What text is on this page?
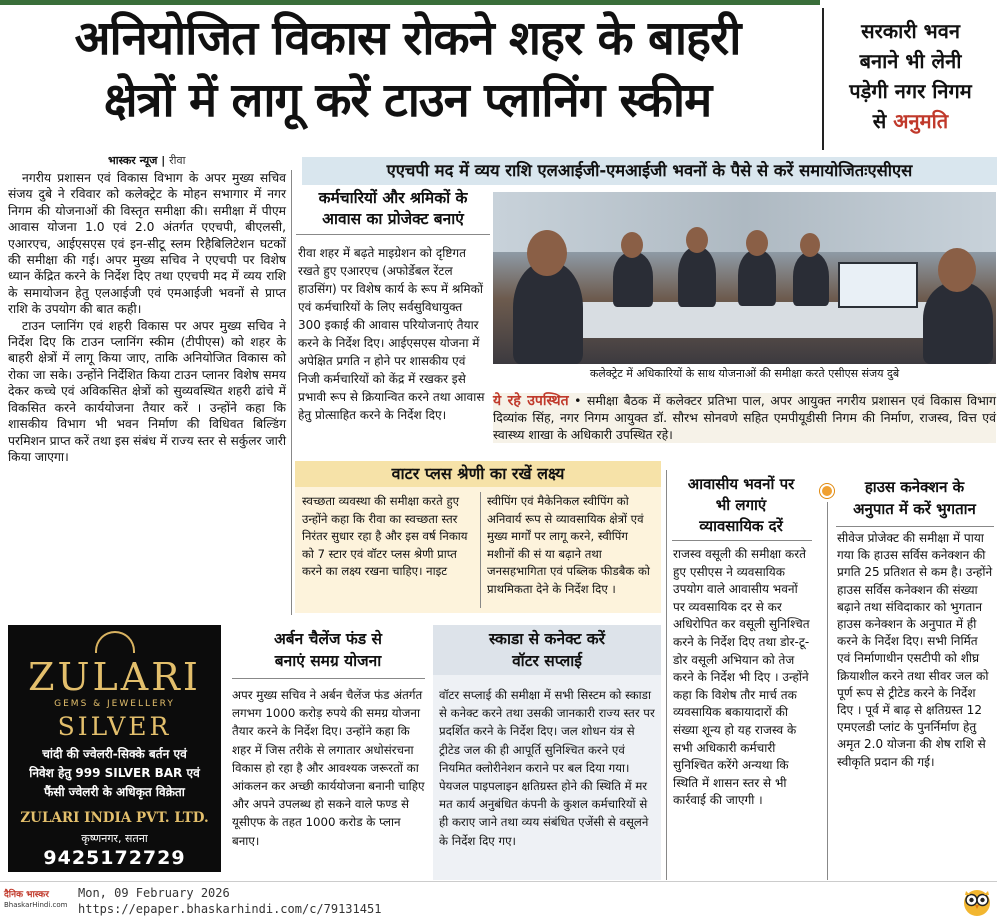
अनियोजित विकास रोकने शहर के बाहरी
क्षेत्रों में लागू करें टाउन प्लानिंग स्कीम
सरकारी भवन
बनाने भी लेनी
पड़ेगी नगर निगम
से अनुमति
भास्कर न्यूज | रीवा

नगरीय प्रशासन एवं विकास विभाग के अपर मुख्य सचिव संजय दुबे ने रविवार को कलेक्ट्रेट के मोहन सभागार में नगर निगम की योजनाओं की विस्तृत समीक्षा की। समीक्षा में पीएम आवास योजना 1.0 एवं 2.0 अंतर्गत एएचपी, बीएलसी, एआरएच, आईएसएस एवं इन-सीटू स्लम रिहैबिलिटेशन घटकों की समीक्षा की गई। अपर मुख्य सचिव ने एएचपी पर विशेष ध्यान केंद्रित करने के निर्देश दिए तथा एएचपी मद में व्यय राशि के समायोजन हेतु एलआईजी एवं एमआईजी भवनों से प्राप्त राशि के उपयोग की बात कही।

टाउन प्लानिंग एवं शहरी विकास पर अपर मुख्य सचिव ने निर्देश दिए कि टाउन प्लानिंग स्कीम (टीपीएस) को शहर के बाहरी क्षेत्रों में लागू किया जाए, ताकि अनियोजित विकास को रोका जा सके। उन्होंने निर्देशित किया टाउन प्लानर विशेष समय देकर कच्चे एवं अविकसित क्षेत्रों को सुव्यवस्थित शहरी ढांचे में विकसित करने कार्ययोजना तैयार करें । उन्होंने कहा कि शासकीय विभाग भी भवन निर्माण की विधिवत बिल्डिंग परमिशन प्राप्त करें तथा इस संबंध में राज्य स्तर से सर्कुलर जारी किया जाएगा।

एएचपी मद में व्यय राशि एलआईजी-एमआईजी भवनों के पैसे से करें समायोजितःएसीएस
कर्मचारियों और श्रमिकों के
आवास का प्रोजेक्ट बनाएं
रीवा शहर में बढ़ते माइग्रेशन को दृष्टिगत रखते हुए एआरएच (अफोर्डेबल रेंटल हाउसिंग) पर विशेष कार्य के रूप में श्रमिकों एवं कर्मचारियों के लिए सर्वसुविधायुक्त 300 इकाई की आवास परियोजनाएं तैयार करने के निर्देश दिए। आईएसएस योजना में अपेक्षित प्रगति न होने पर शासकीय एवं निजी कर्मचारियों को केंद्र में रखकर इसे प्रभावी रूप से क्रियान्वित करने तथा आवास हेतु प्रोत्साहित करने के निर्देश दिए।
कलेक्ट्रेट में अधिकारियों के साथ योजनाओं की समीक्षा करते एसीएस संजय दुबे
ये रहे उपस्थित • समीक्षा बैठक में कलेक्टर प्रतिभा पाल, अपर आयुक्त नगरीय प्रशासन एवं विकास विभाग दिव्यांक सिंह, नगर निगम आयुक्त डॉ. सौरभ सोनवणे सहित एमपीयूडीसी निगम की निर्माण, राजस्व, वित्त एवं स्वास्थ्य शाखा के अधिकारी उपस्थित रहे।
वाटर प्लस श्रेणी का रखें लक्ष्य
स्वच्छता व्यवस्था की समीक्षा करते हुए उन्होंने कहा कि रीवा का स्वच्छता स्तर निरंतर सुधार रहा है और इस वर्ष निकाय को 7 स्टार एवं वॉटर प्लस श्रेणी प्राप्त करने का लक्ष्य रखना चाहिए। नाइट
स्वीपिंग एवं मैकेनिकल स्वीपिंग को अनिवार्य रूप से व्यावसायिक क्षेत्रों एवं मुख्य मार्गों पर लागू करने, स्वीपिंग मशीनों की सं या बढ़ाने तथा जनसहभागिता एवं पब्लिक फीडबैक को प्राथमिकता देने के निर्देश दिए ।
आवासीय भवनों पर
भी लगाएं
व्यावसायिक दरें
राजस्व वसूली की समीक्षा करते हुए एसीएस ने व्यवसायिक उपयोग वाले आवासीय भवनों पर व्यवसायिक दर से कर अधिरोपित कर वसूली सुनिश्चित करने के निर्देश दिए तथा डोर-टू-डोर वसूली अभियान को तेज करने के निर्देश भी दिए । उन्होंने कहा कि विशेष तौर मार्च तक व्यवसायिक बकायादारों की संख्या शून्य हो यह राजस्व के सभी अधिकारी कर्मचारी सुनिश्चित करेंगे अन्यथा कि स्थिति में शासन स्तर से भी कार्रवाई की जाएगी ।
हाउस कनेक्शन के
अनुपात में करें भुगतान
सीवेज प्रोजेक्ट की समीक्षा में पाया गया कि हाउस सर्विस कनेक्शन की प्रगति 25 प्रतिशत से कम है। उन्होंने हाउस सर्विस कनेक्शन की संख्या बढ़ाने तथा संविदाकार को भुगतान हाउस कनेक्शन के अनुपात में ही करने के निर्देश दिए। सभी निर्मित एवं निर्माणाधीन एसटीपी को शीघ्र क्रियाशील करने तथा सीवर जल को पूर्ण रूप से ट्रीटेड करने के निर्देश दिए । पूर्व में बाढ़ से क्षतिग्रस्त 12 एमएलडी प्लांट के पुनर्निर्माण हेतु अमृत 2.0 योजना की शेष राशि से स्वीकृति प्रदान की गई।
अर्बन चैलेंज फंड से
बनाएं समग्र योजना
अपर मुख्य सचिव ने अर्बन चैलेंज फंड अंतर्गत लगभग 1000 करोड़ रुपये की समग्र योजना तैयार करने के निर्देश दिए। उन्होंने कहा कि शहर में जिस तरीके से लगातार अधोसंरचना विकास हो रहा है और आवश्यक जरूरतों का आंकलन कर अच्छी कार्ययोजना बनानी चाहिए और अपने उपलब्ध हो सकने वाले फण्ड से यूसीएफ के तहत 1000 करोड के प्लान बनाए।
स्काडा से कनेक्ट करें
वॉटर सप्लाई
वॉटर सप्लाई की समीक्षा में सभी सिस्टम को स्काडा से कनेक्ट करने तथा उसकी जानकारी राज्य स्तर पर प्रदर्शित करने के निर्देश दिए। जल शोधन यंत्र से ट्रीटेड जल की ही आपूर्ति सुनिश्चित करने एवं नियमित क्लोरीनेशन कराने पर बल दिया गया। पेयजल पाइपलाइन क्षतिग्रस्त होने की स्थिति में मर मत कार्य अनुबंधित कंपनी के कुशल कर्मचारियों से ही कराए जाने तथा व्यय संबंधित एजेंसी से वसूलने के निर्देश दिए गए।
ZULARI
GEMS & JEWELLERY
SILVER
चांदी की ज्वेलरी-सिक्के बर्तन एवं
निवेश हेतु 999 SILVER BAR एवं
फैंसी ज्वेलरी के अधिकृत विक्रेता
ZULARI INDIA PVT. LTD.
कृष्णनगर, सतना
9425172729
दैनिक भास्कर
BhaskarHindi.com
Mon, 09 February 2026
https://epaper.bhaskarhindi.com/c/79131451
